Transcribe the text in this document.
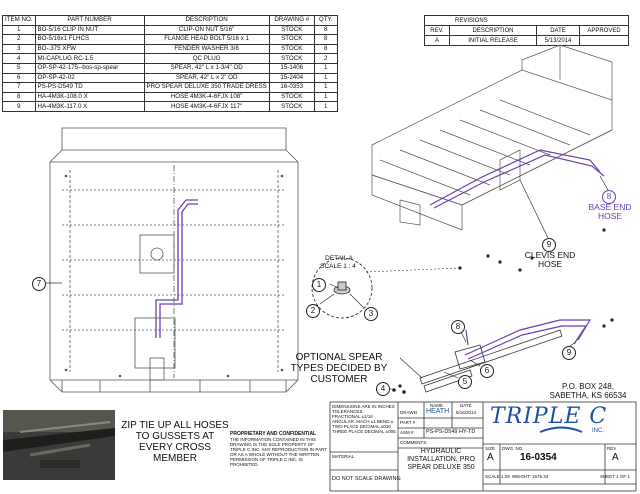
ITEM NO.	PART NUMBER	DESCRIPTION	DRAWING #	QTY.
1	BO-5/16 CLIP IN NUT	CLIP-ON NUT 5/16"	STOCK	8
2	BO-5/16x1 FLHCS	FLANGE HEAD BOLT 5/16 x 1	STOCK	8
3	BO-.375 XFW	FENDER WASHER 3/8	STOCK	8
4	MI-CAPLUG RC-1.5	QC PLUG	STOCK	2
5	OP-SP-42-175--bos-sp-spear	SPEAR, 42" L x 1-3/4" OD	15-1406	1
6	OP-SP-42-02	SPEAR, 42" L x 2" OD	15-2404	1
7	PS-PS-D549 TD	PRO SPEAR DELUXE 350 TRADE DRESS	16-0353	1
8	HA-4M3K-108.0 X	HOSE 4M3K-4-6FJX 108"	STOCK	1
9	HA-4M3K-117.0 X	HOSE 4M3K-4-6FJX 117"	STOCK	1
REVISIONS			
REV.	DESCRIPTION	DATE	APPROVED
A	INITIAL RELEASE	5/13/2014	
7	1
2	3
4
5
6
8
9
8
9
BASE END HOSE
CLEVIS END HOSE
DETAIL A
SCALE 1 : 4
OPTIONAL SPEAR TYPES DECIDED BY CUSTOMER
ZIP TIE UP ALL HOSES TO GUSSETS AT EVERY CROSS MEMBER
P.O. BOX 248,
SABETHA, KS 66534
TRIPLE C
INC.
PROPRIETARY AND CONFIDENTIAL
THE INFORMATION CONTAINED IN THIS DRAWING IS THE SOLE PROPERTY OF TRIPLE C INC. ANY REPRODUCTION IN PART OR AS A WHOLE WITHOUT THE WRITTEN PERMISSION OF TRIPLE C INC. IS PROHIBITED.
DIMENSIONS ARE IN INCHES
TOLERANCES:
FRACTIONAL ±1/16
ANGULAR: MACH ±1 BEND ±
TWO PLACE DECIMAL ±010
THREE PLACE DECIMAL ±005
MATERIAL
DO NOT SCALE DRAWING
NAME	DATE
DRAWN HEATH 5/16/2014
PART #
ASM # PS-PS-D549 HY-TD
COMMENTS:
HYDRAULIC INSTALLATION, PRO SPEAR DELUXE 350
SIZE
A
DWG. NO.
16-0354
REV
A
SCALE 1:29 WEIGHT: 1575.34	SHEET 1 OF 1
